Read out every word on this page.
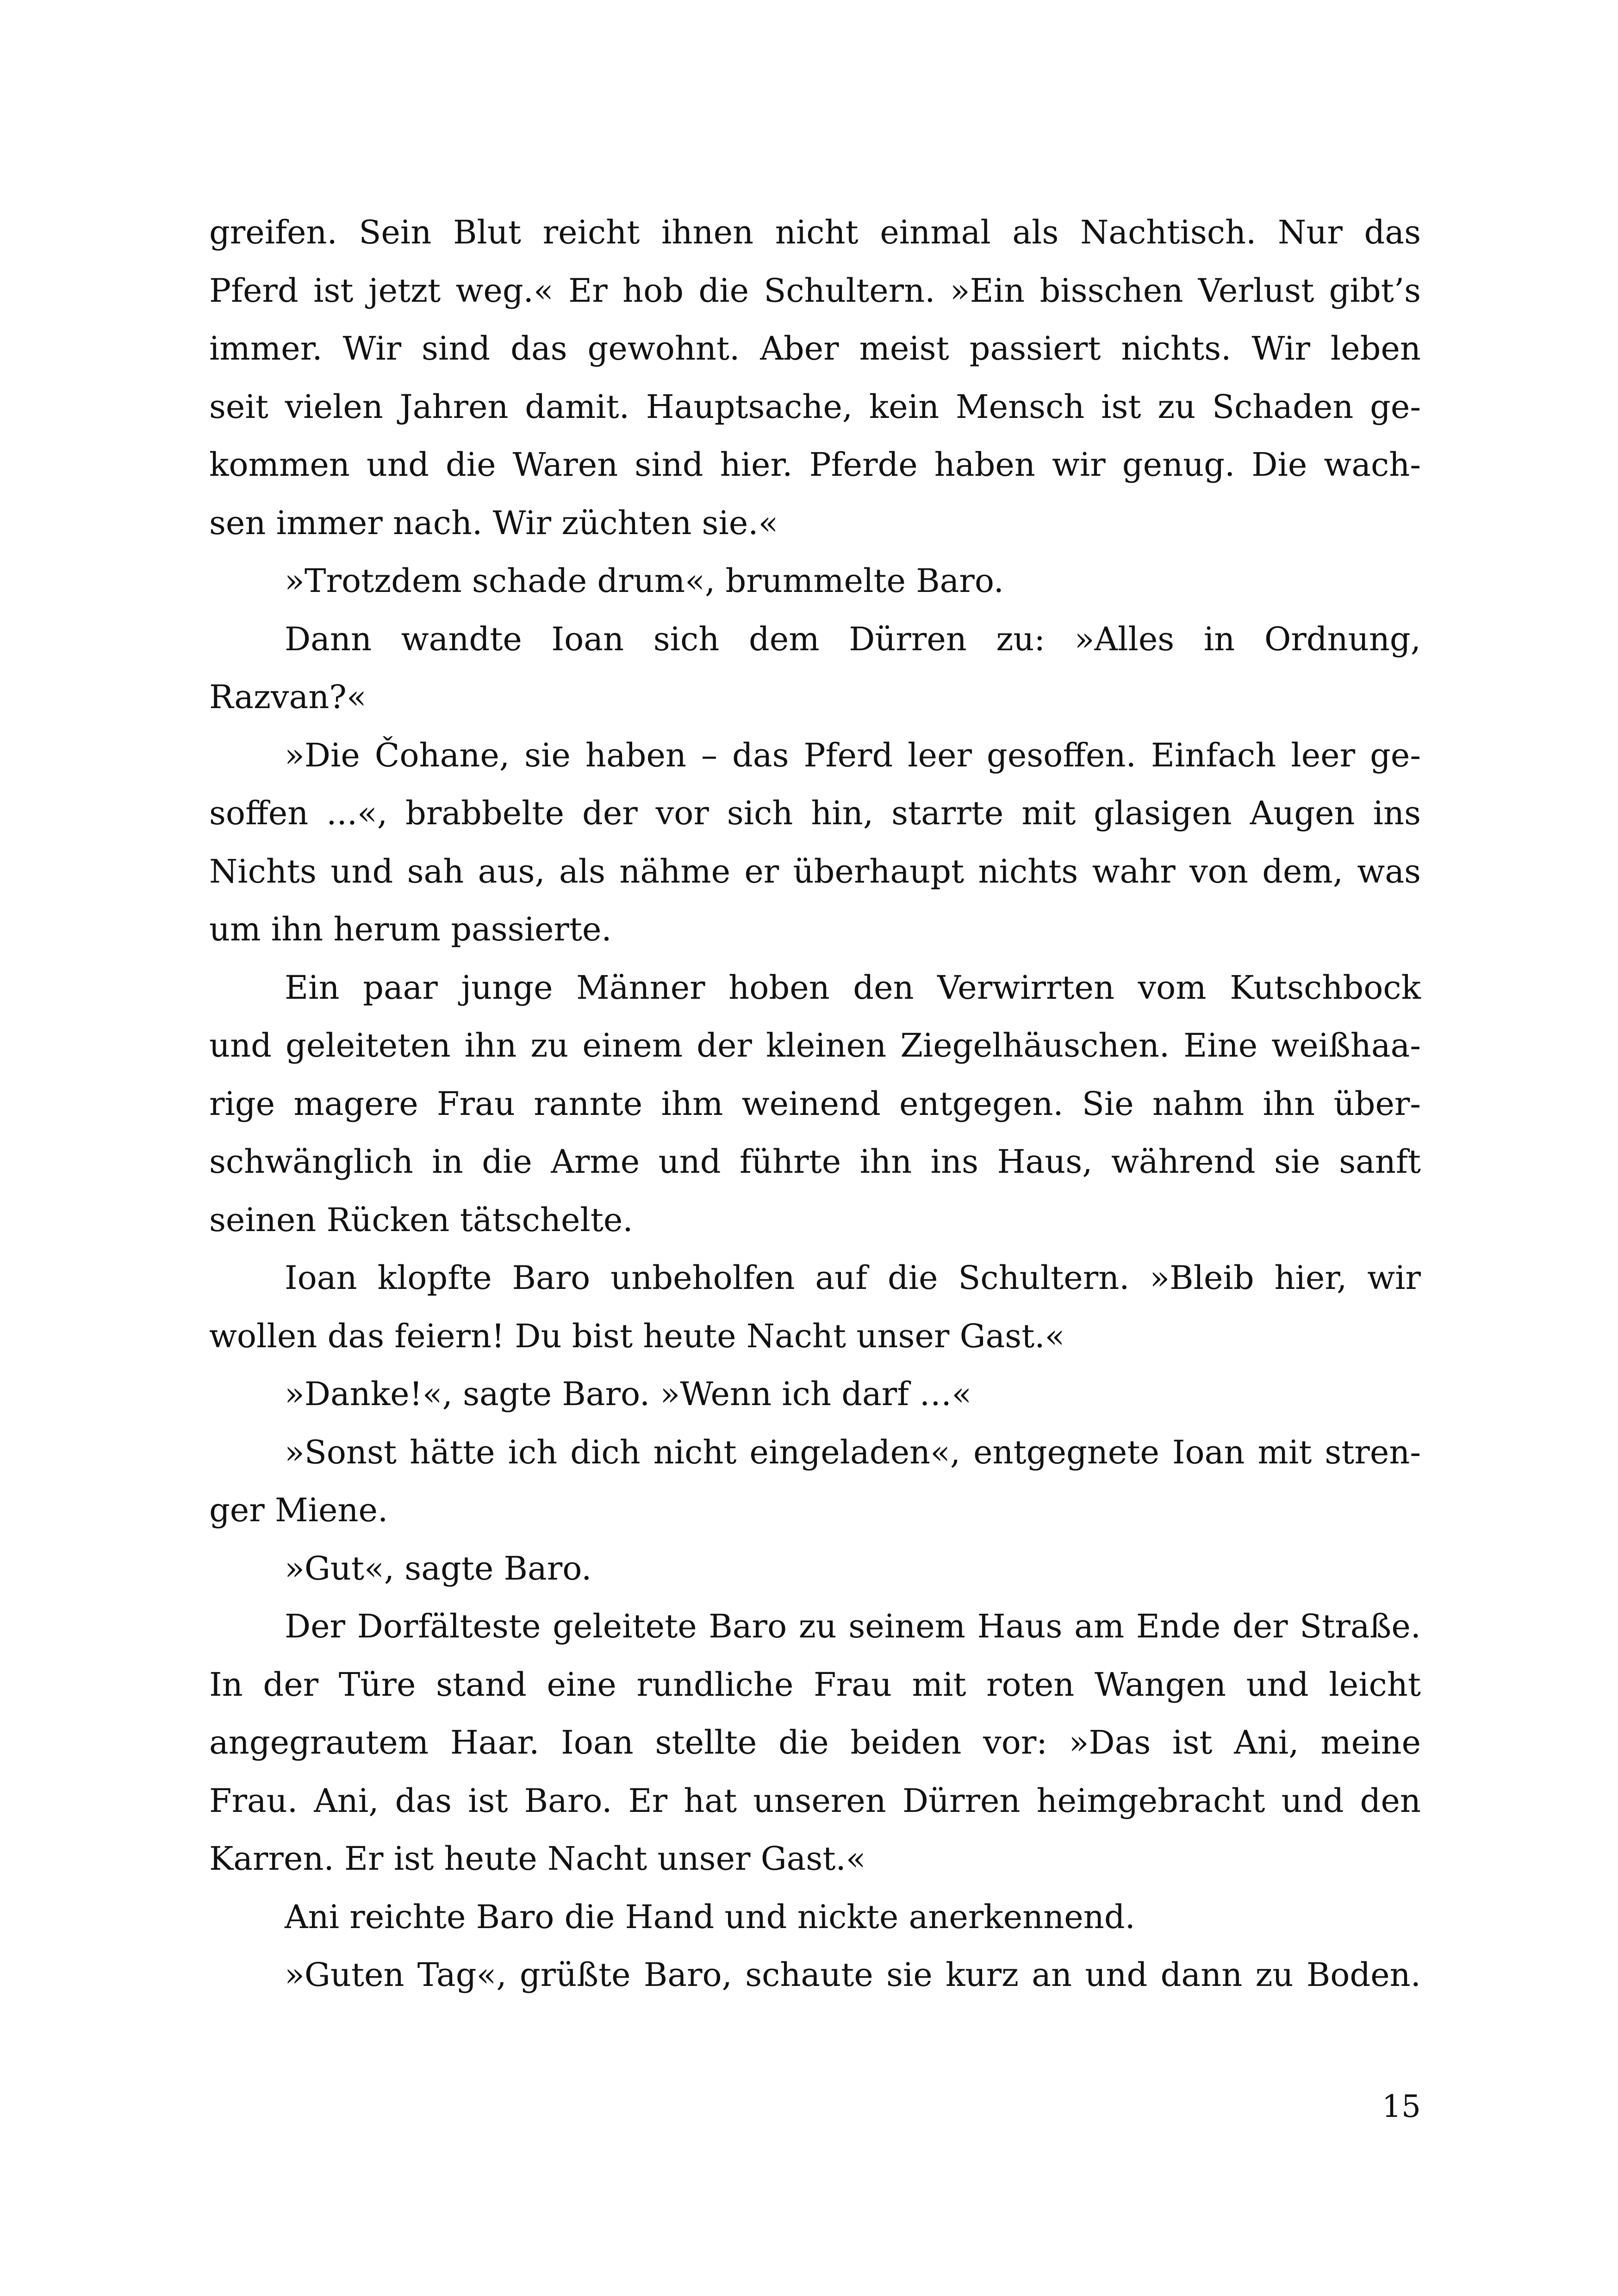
greifen. Sein Blut reicht ihnen nicht einmal als Nachtisch. Nur das
Pferd ist jetzt weg.« Er hob die Schultern. »Ein bisschen Verlust gibt’s
immer. Wir sind das gewohnt. Aber meist passiert nichts. Wir leben
seit vielen Jahren damit. Hauptsache, kein Mensch ist zu Schaden ge-
kommen und die Waren sind hier. Pferde haben wir genug. Die wach-
sen immer nach. Wir züchten sie.«
»Trotzdem schade drum«, brummelte Baro.
Dann wandte Ioan sich dem Dürren zu: »Alles in Ordnung,
Razvan?«
»Die Čohane, sie haben – das Pferd leer gesoffen. Einfach leer ge-
soffen ...«, brabbelte der vor sich hin, starrte mit glasigen Augen ins
Nichts und sah aus, als nähme er überhaupt nichts wahr von dem, was
um ihn herum passierte.
Ein paar junge Männer hoben den Verwirrten vom Kutschbock
und geleiteten ihn zu einem der kleinen Ziegelhäuschen. Eine weißhaa-
rige magere Frau rannte ihm weinend entgegen. Sie nahm ihn über-
schwänglich in die Arme und führte ihn ins Haus, während sie sanft
seinen Rücken tätschelte.
Ioan klopfte Baro unbeholfen auf die Schultern. »Bleib hier, wir
wollen das feiern! Du bist heute Nacht unser Gast.«
»Danke!«, sagte Baro. »Wenn ich darf …«
»Sonst hätte ich dich nicht eingeladen«, entgegnete Ioan mit stren-
ger Miene.
»Gut«, sagte Baro.
Der Dorfälteste geleitete Baro zu seinem Haus am Ende der Straße.
In der Türe stand eine rundliche Frau mit roten Wangen und leicht
angegrautem Haar. Ioan stellte die beiden vor: »Das ist Ani, meine
Frau. Ani, das ist Baro. Er hat unseren Dürren heimgebracht und den
Karren. Er ist heute Nacht unser Gast.«
Ani reichte Baro die Hand und nickte anerkennend.
»Guten Tag«, grüßte Baro, schaute sie kurz an und dann zu Boden.
15
